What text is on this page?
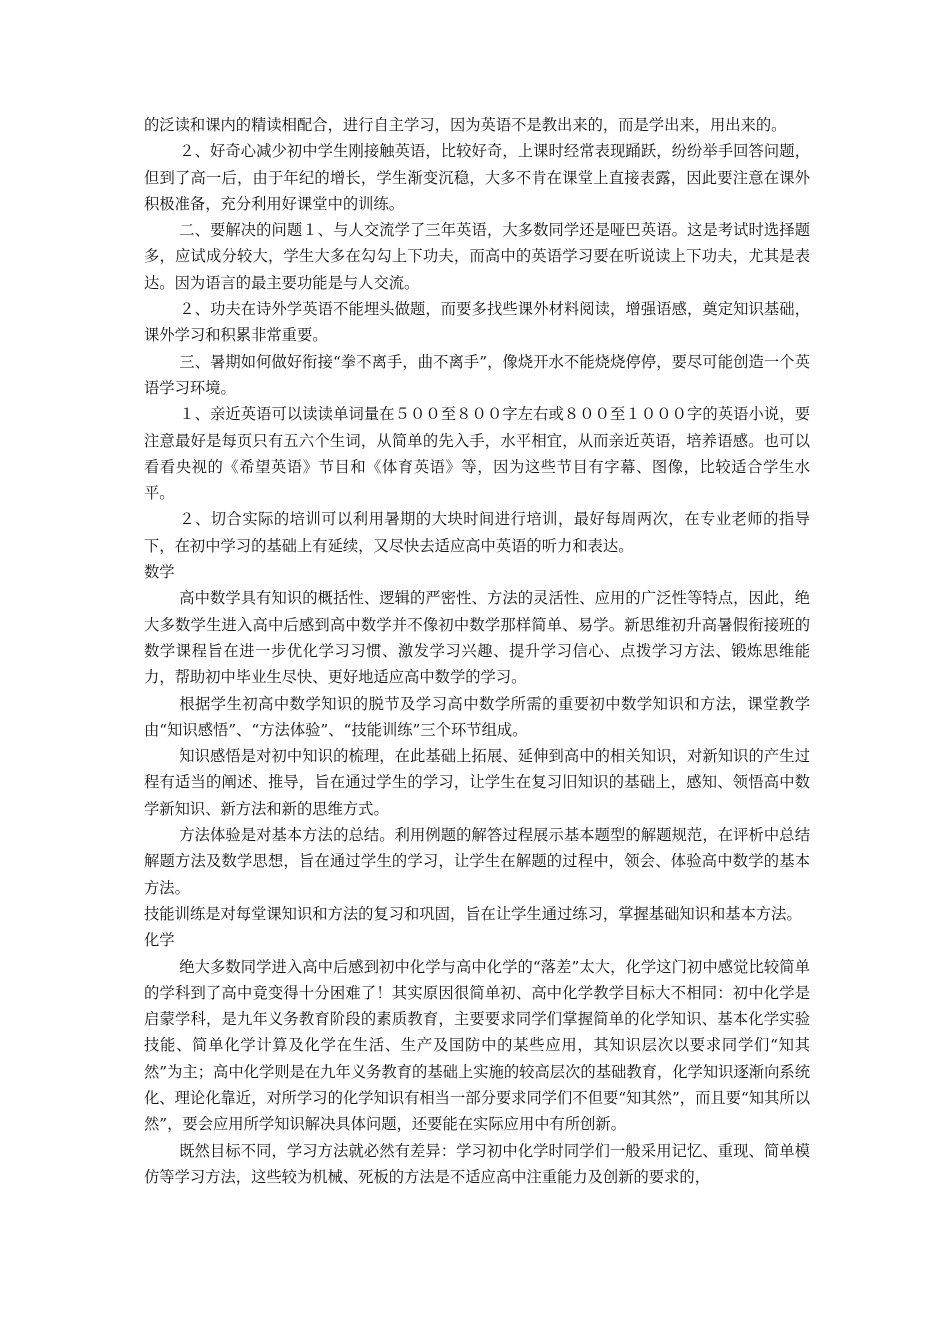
的泛读和课内的精读相配合，进行自主学习，因为英语不是教出来的，而是学出来，用出来的。

２、好奇心减少初中学生刚接触英语，比较好奇，上课时经常表现踊跃，纷纷举手回答问题，但到了高一后，由于年纪的增长，学生渐变沉稳，大多不肯在课堂上直接表露，因此要注意在课外积极准备，充分利用好课堂中的训练。

二、要解决的问题１、与人交流学了三年英语，大多数同学还是哑巴英语。这是考试时选择题多，应试成分较大，学生大多在勾勾上下功夫，而高中的英语学习要在听说读上下功夫，尤其是表达。因为语言的最主要功能是与人交流。

２、功夫在诗外学英语不能埋头做题，而要多找些课外材料阅读，增强语感，奠定知识基础，课外学习和积累非常重要。

三、暑期如何做好衔接“拳不离手，曲不离手”，像烧开水不能烧烧停停，要尽可能创造一个英语学习环境。

１、亲近英语可以读读单词量在５００至８００字左右或８００至１０００字的英语小说，要注意最好是每页只有五六个生词，从简单的先入手，水平相宜，从而亲近英语，培养语感。也可以看看央视的《希望英语》节目和《体育英语》等，因为这些节目有字幕、图像，比较适合学生水平。

２、切合实际的培训可以利用暑期的大块时间进行培训，最好每周两次，在专业老师的指导下，在初中学习的基础上有延续，又尽快去适应高中英语的听力和表达。

数学

高中数学具有知识的概括性、逻辑的严密性、方法的灵活性、应用的广泛性等特点，因此，绝大多数学生进入高中后感到高中数学并不像初中数学那样简单、易学。新思维初升高暑假衔接班的数学课程旨在进一步优化学习习惯、激发学习兴趣、提升学习信心、点拨学习方法、锻炼思维能力，帮助初中毕业生尽快、更好地适应高中数学的学习。

根据学生初高中数学知识的脱节及学习高中数学所需的重要初中数学知识和方法，课堂教学由“知识感悟”、“方法体验”、“技能训练”三个环节组成。

知识感悟是对初中知识的梳理，在此基础上拓展、延伸到高中的相关知识，对新知识的产生过程有适当的阐述、推导，旨在通过学生的学习，让学生在复习旧知识的基础上，感知、领悟高中数学新知识、新方法和新的思维方式。

方法体验是对基本方法的总结。利用例题的解答过程展示基本题型的解题规范，在评析中总结解题方法及数学思想，旨在通过学生的学习，让学生在解题的过程中，领会、体验高中数学的基本方法。

技能训练是对每堂课知识和方法的复习和巩固，旨在让学生通过练习，掌握基础知识和基本方法。

化学

绝大多数同学进入高中后感到初中化学与高中化学的“落差”太大，化学这门初中感觉比较简单的学科到了高中竟变得十分困难了！其实原因很简单初、高中化学教学目标大不相同：初中化学是启蒙学科，是九年义务教育阶段的素质教育，主要要求同学们掌握简单的化学知识、基本化学实验技能、简单化学计算及化学在生活、生产及国防中的某些应用，其知识层次以要求同学们“知其然”为主；高中化学则是在九年义务教育的基础上实施的较高层次的基础教育，化学知识逐渐向系统化、理论化靠近，对所学习的化学知识有相当一部分要求同学们不但要“知其然”，而且要“知其所以然”，要会应用所学知识解决具体问题，还要能在实际应用中有所创新。

既然目标不同，学习方法就必然有差异：学习初中化学时同学们一般采用记忆、重现、简单模仿等学习方法，这些较为机械、死板的方法是不适应高中注重能力及创新的要求的，
